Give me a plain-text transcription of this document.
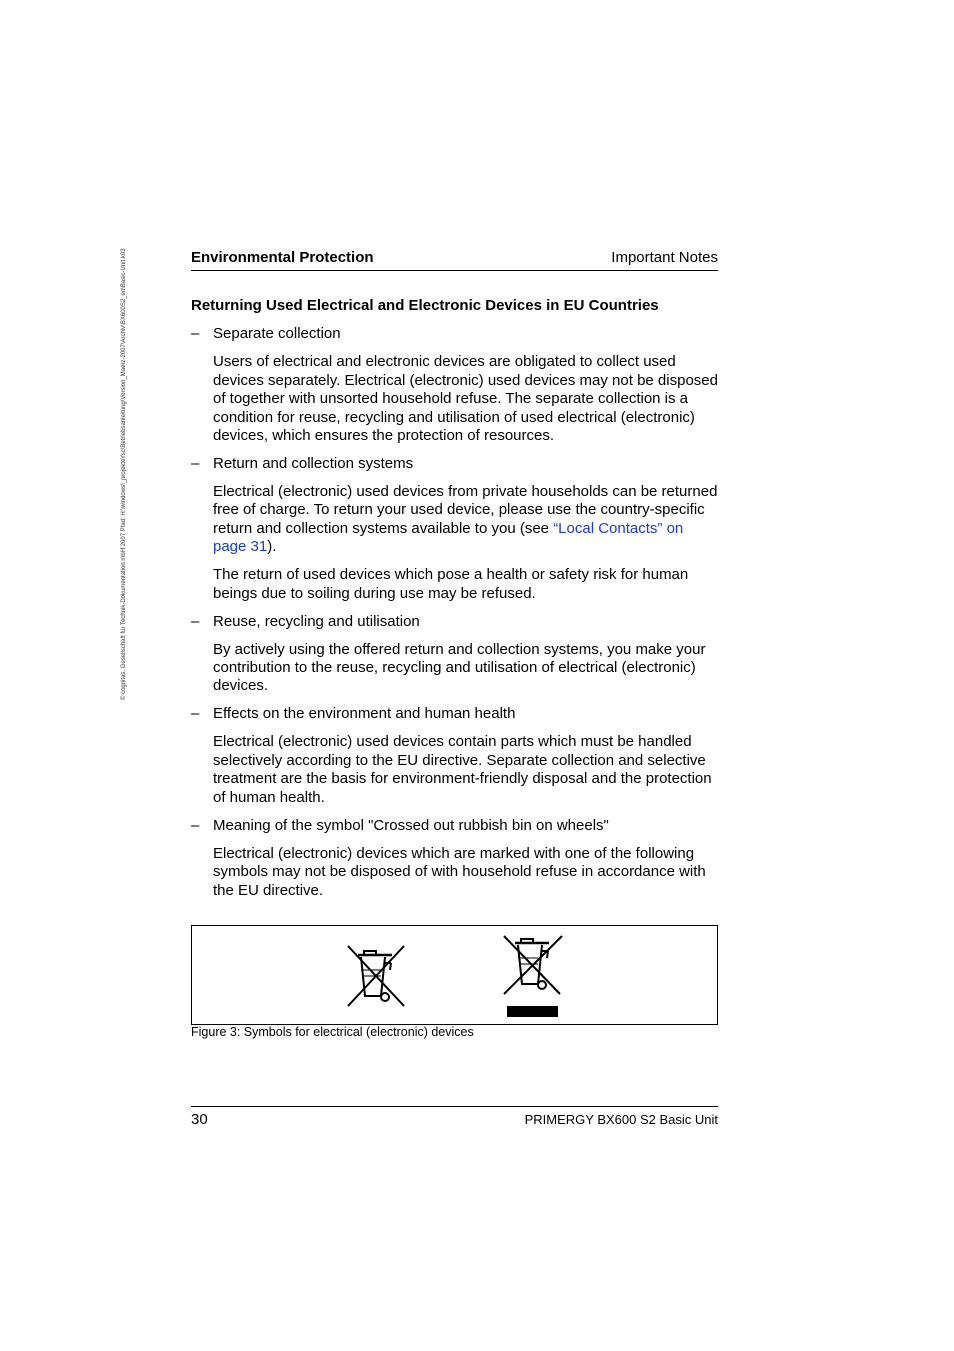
© cognitas. Gesellschaft für Technik-Dokumentation mbH 2007 Pfad: H:\windows\_projekte\fsc\Betriebsanleitung\Version_Maerz-2007\Archiv\BX600S2_en\Basic-Unit.k03	Environmental Protection	Important Notes
Returning Used Electrical and Electronic Devices in EU Countries
– Separate collection
Users of electrical and electronic devices are obligated to collect used devices separately. Electrical (electronic) used devices may not be disposed of together with unsorted household refuse. The separate collection is a condition for reuse, recycling and utilisation of used electrical (electronic) devices, which ensures the protection of resources.
– Return and collection systems
Electrical (electronic) used devices from private households can be returned free of charge. To return your used device, please use the country-specific return and collection systems available to you (see “Local Contacts” on page 31).
The return of used devices which pose a health or safety risk for human beings due to soiling during use may be refused.
– Reuse, recycling and utilisation
By actively using the offered return and collection systems, you make your contribution to the reuse, recycling and utilisation of electrical (electronic) devices.
– Effects on the environment and human health
Electrical (electronic) used devices contain parts which must be handled selectively according to the EU directive. Separate collection and selective treatment are the basis for environment-friendly disposal and the protection of human health.
– Meaning of the symbol "Crossed out rubbish bin on wheels"
Electrical (electronic) devices which are marked with one of the following symbols may not be disposed of with household refuse in accordance with the EU directive.
Figure 3: Symbols for electrical (electronic) devices
30	PRIMERGY BX600 S2 Basic Unit
